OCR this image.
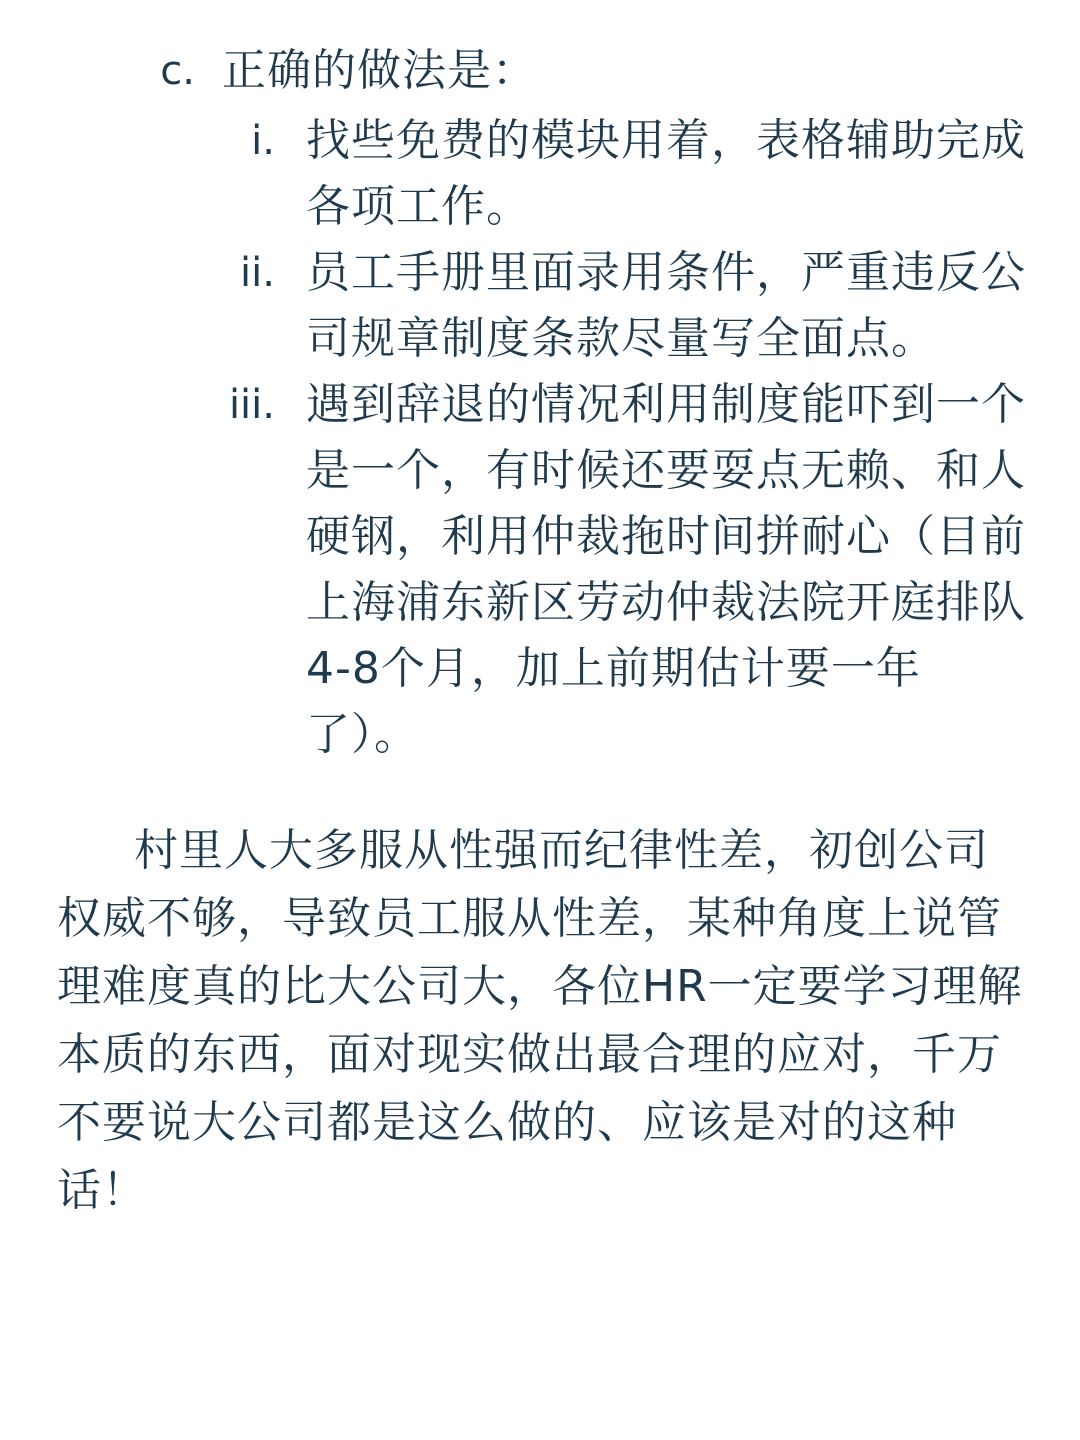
c. 正确的做法是：
i. 找些免费的模块用着，表格辅助完成各项工作。
ii. 员工手册里面录用条件，严重违反公司规章制度条款尽量写全面点。
iii. 遇到辞退的情况利用制度能吓到一个是一个，有时候还要耍点无赖、和人硬钢，利用仲裁拖时间拼耐心（目前上海浦东新区劳动仲裁法院开庭排队4-8个月，加上前期估计要一年了）。
村里人大多服从性强而纪律性差，初创公司权威不够，导致员工服从性差，某种角度上说管理难度真的比大公司大，各位HR一定要学习理解本质的东西，面对现实做出最合理的应对，千万不要说大公司都是这么做的、应该是对的这种话！
